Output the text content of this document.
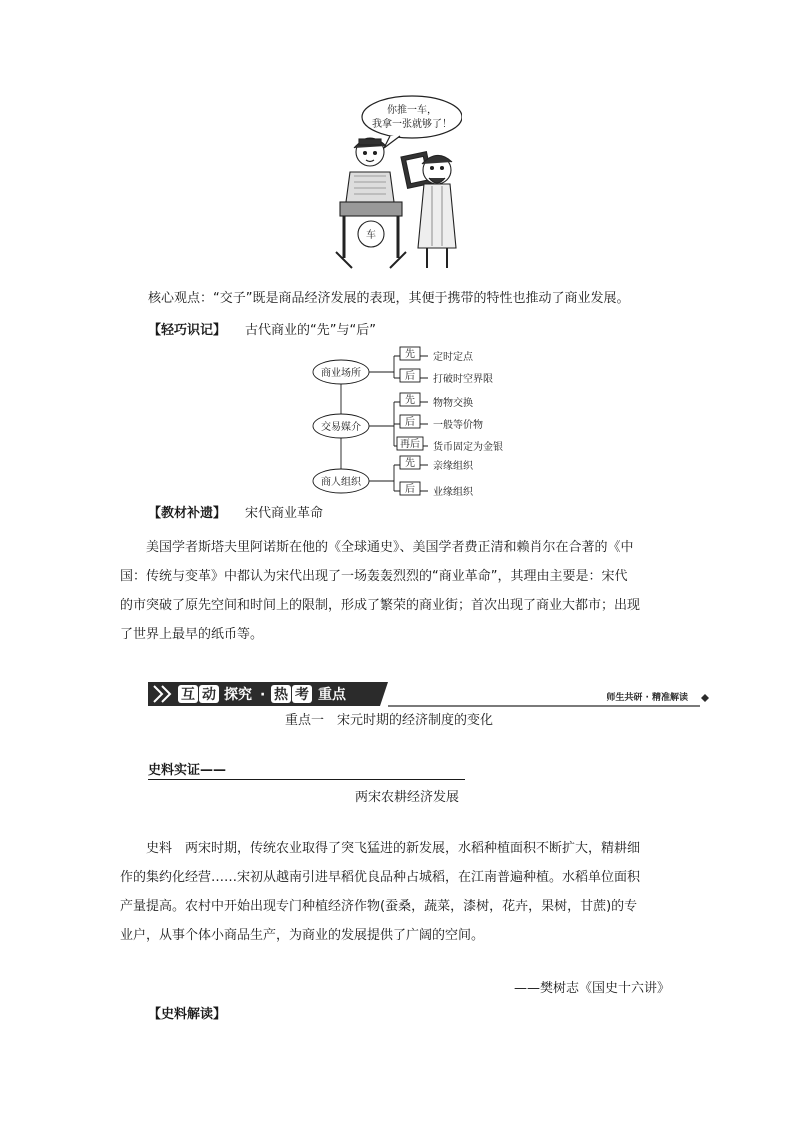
你推一车，
我拿一张就够了！
车
核心观点：“交子”既是商品经济发展的表现，其便于携带的特性也推动了商业发展。
【轻巧识记】 古代商业的“先”与“后”
商业场所
交易媒介
商人组织
先 定时定点
后 打破时空界限
先 物物交换
后 一般等价物
再后 货币固定为金银
先 亲缘组织
后 业缘组织
【教材补遗】 宋代商业革命
美国学者斯塔夫里阿诺斯在他的《全球通史》、美国学者费正清和赖肖尔在合著的《中
国：传统与变革》中都认为宋代出现了一场轰轰烈烈的“商业革命”，其理由主要是：宋代
的市突破了原先空间和时间上的限制，形成了繁荣的商业街；首次出现了商业大都市；出现
了世界上最早的纸币等。
互 动 探究 · 热 考 重点	师生共研 · 精准解读
重点一　宋元时期的经济制度的变化
史料实证——
两宋农耕经济发展
史料　两宋时期，传统农业取得了突飞猛进的新发展，水稻种植面积不断扩大，精耕细
作的集约化经营……宋初从越南引进早稻优良品种占城稻，在江南普遍种植。水稻单位面积
产量提高。农村中开始出现专门种植经济作物(蚕桑，蔬菜，漆树，花卉，果树，甘蔗)的专
业户，从事个体小商品生产，为商业的发展提供了广阔的空间。
——樊树志《国史十六讲》
【史料解读】
